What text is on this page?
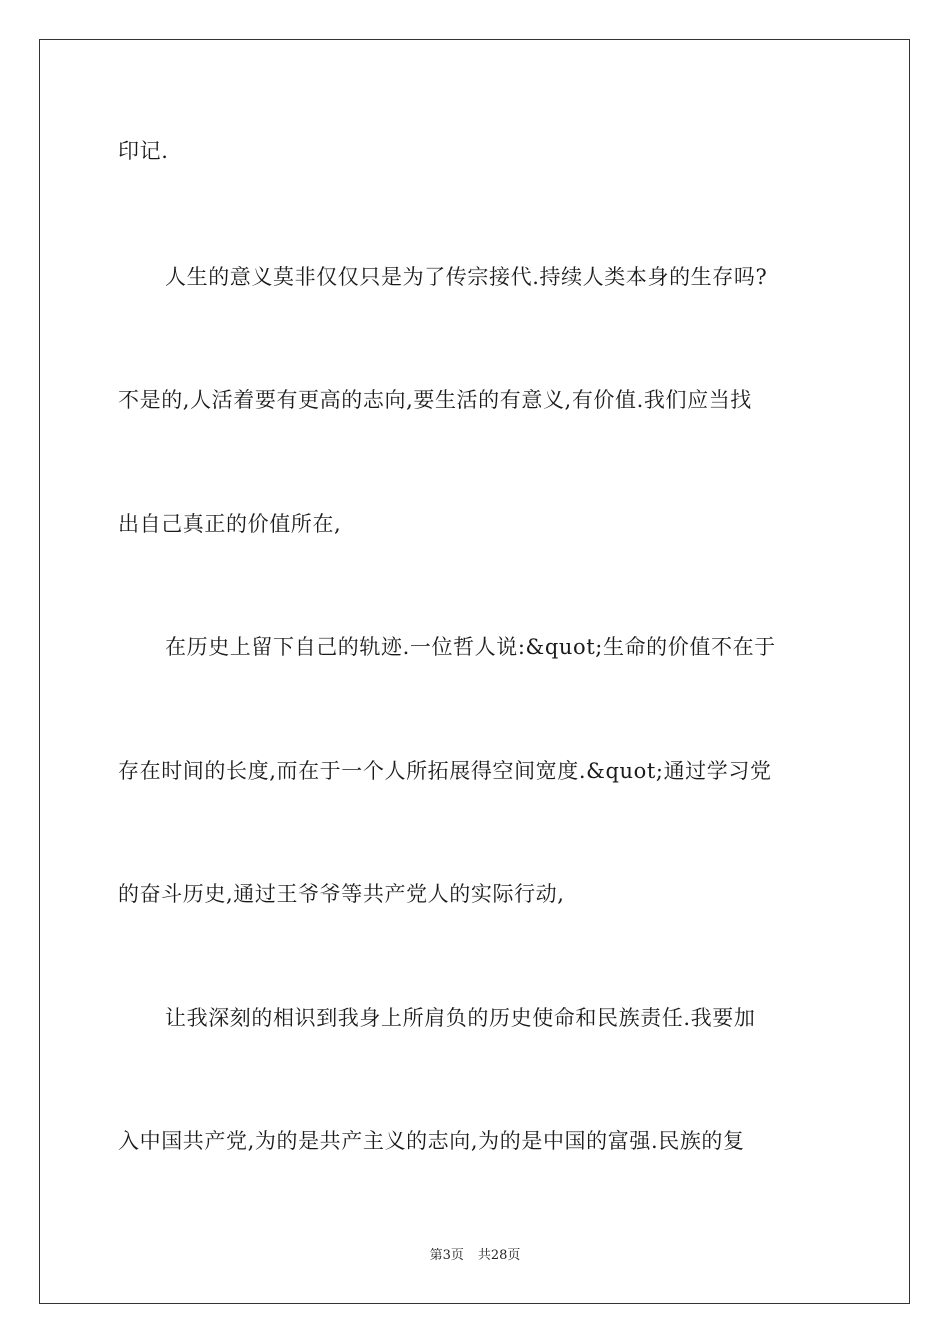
印记.
人生的意义莫非仅仅只是为了传宗接代.持续人类本身的生存吗?
不是的,人活着要有更高的志向,要生活的有意义,有价值.我们应当找
出自己真正的价值所在,
在历史上留下自己的轨迹.一位哲人说:&quot;生命的价值不在于
存在时间的长度,而在于一个人所拓展得空间宽度.&quot;通过学习党
的奋斗历史,通过王爷爷等共产党人的实际行动,
让我深刻的相识到我身上所肩负的历史使命和民族责任.我要加
入中国共产党,为的是共产主义的志向,为的是中国的富强.民族的复
第3页 共28页
